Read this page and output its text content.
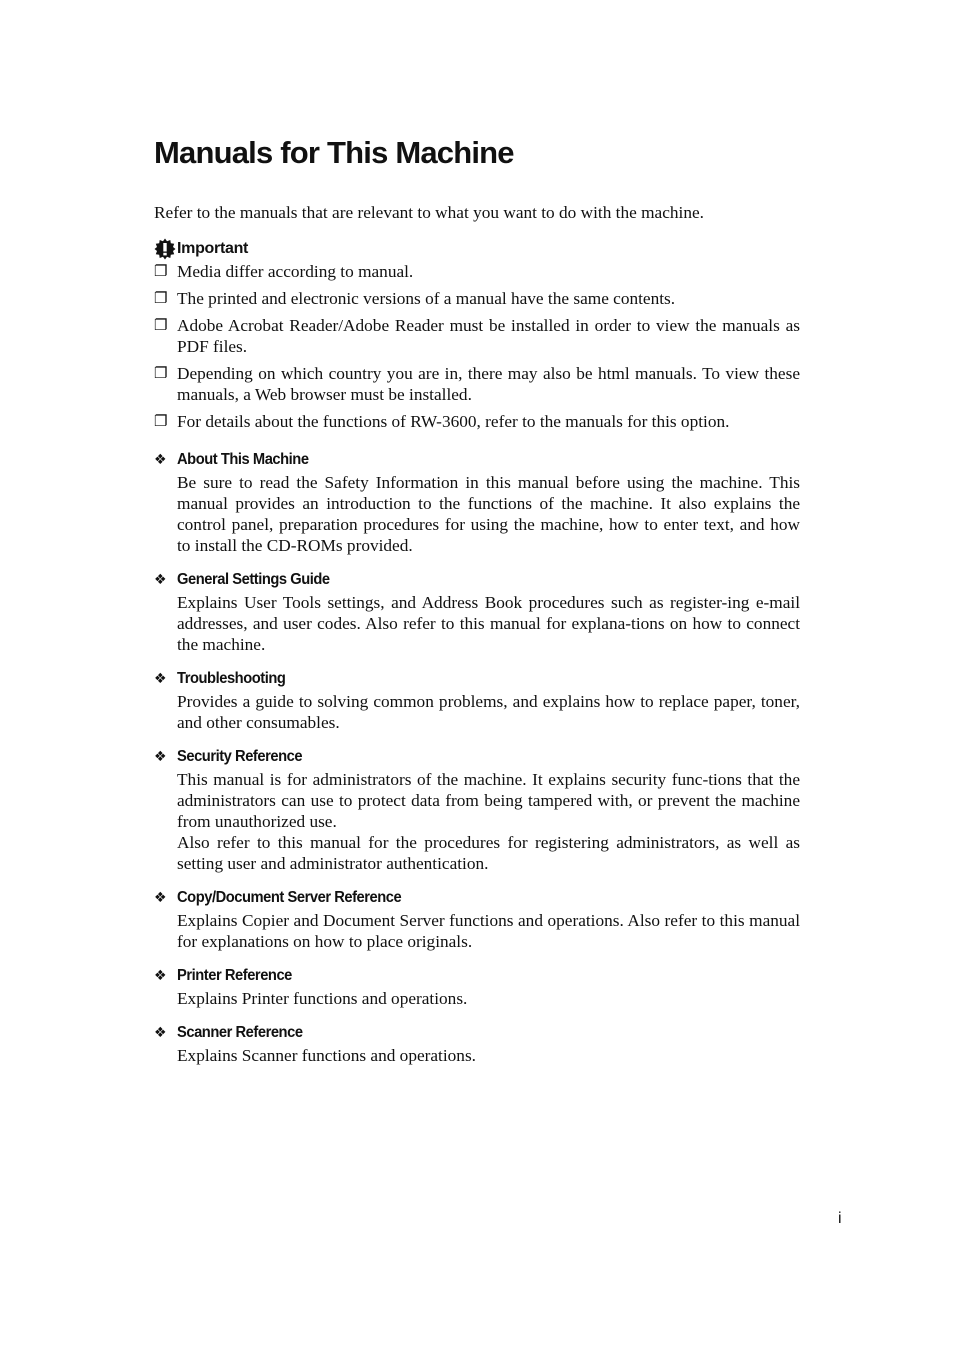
Manuals for This Machine

Refer to the manuals that are relevant to what you want to do with the machine.

Important
❐ Media differ according to manual.
❐ The printed and electronic versions of a manual have the same contents.
❐ Adobe Acrobat Reader/Adobe Reader must be installed in order to view the manuals as PDF files.
❐ Depending on which country you are in, there may also be html manuals. To view these manuals, a Web browser must be installed.
❐ For details about the functions of RW-3600, refer to the manuals for this option.
❖ About This Machine

Be sure to read the Safety Information in this manual before using the machine. This manual provides an introduction to the functions of the machine. It also explains the control panel, preparation procedures for using the machine, how to enter text, and how to install the CD-ROMs provided.

❖ General Settings Guide

Explains User Tools settings, and Address Book procedures such as register-ing e-mail addresses, and user codes. Also refer to this manual for explana-tions on how to connect the machine.

❖ Troubleshooting

Provides a guide to solving common problems, and explains how to replace paper, toner, and other consumables.

❖ Security Reference

This manual is for administrators of the machine. It explains security func-tions that the administrators can use to protect data from being tampered with, or prevent the machine from unauthorized use.

Also refer to this manual for the procedures for registering administrators, as well as setting user and administrator authentication.

❖ Copy/Document Server Reference

Explains Copier and Document Server functions and operations. Also refer to this manual for explanations on how to place originals.

❖ Printer Reference

Explains Printer functions and operations.

❖ Scanner Reference

Explains Scanner functions and operations.

i
